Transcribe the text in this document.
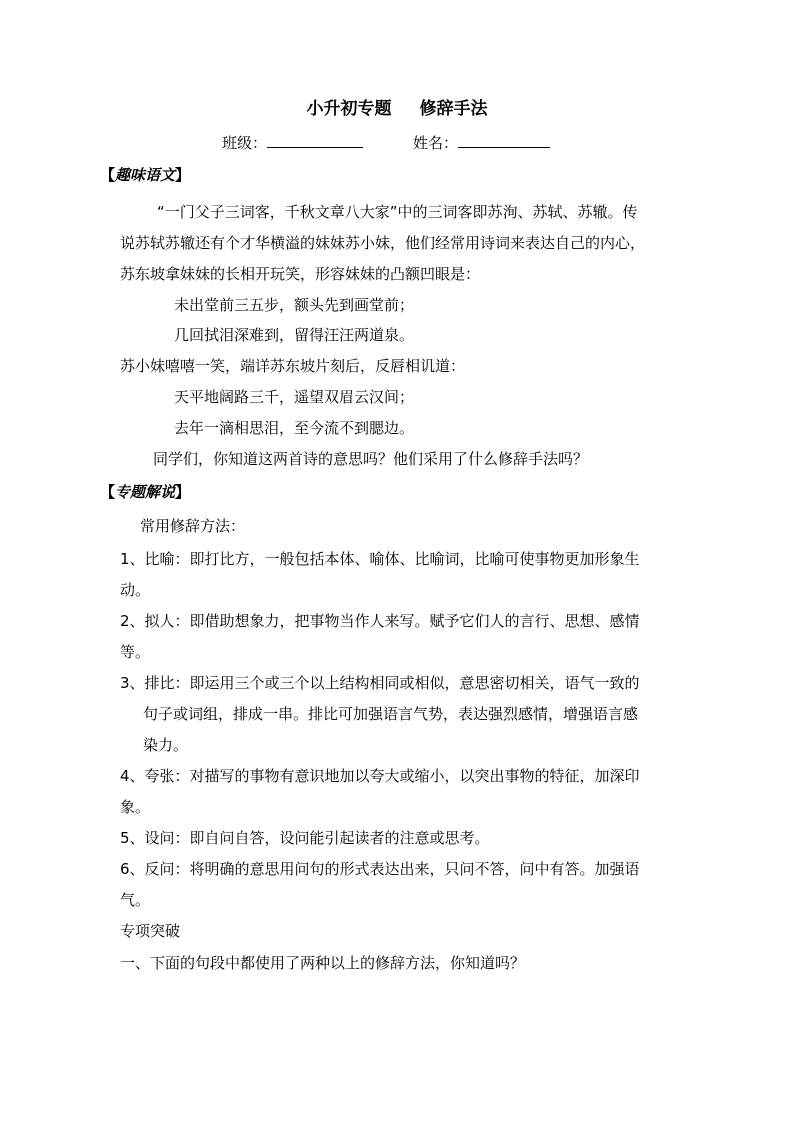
小升初专题 修辞手法
班级：	姓名：
【趣味语文】
“一门父子三词客，千秋文章八大家”中的三词客即苏洵、苏轼、苏辙。传
说苏轼苏辙还有个才华横溢的妹妹苏小妹，他们经常用诗词来表达自己的内心，
苏东坡拿妹妹的长相开玩笑，形容妹妹的凸额凹眼是：
未出堂前三五步，额头先到画堂前；
几回拭泪深难到，留得汪汪两道泉。
苏小妹嘻嘻一笑，端详苏东坡片刻后，反唇相讥道：
天平地阔路三千，遥望双眉云汉间；
去年一滴相思泪，至今流不到腮边。
同学们，你知道这两首诗的意思吗？他们采用了什么修辞手法吗？
【专题解说】
常用修辞方法：
1、比喻：即打比方，一般包括本体、喻体、比喻词，比喻可使事物更加形象生
动。
2、拟人：即借助想象力，把事物当作人来写。赋予它们人的言行、思想、感情
等。
3、排比：即运用三个或三个以上结构相同或相似，意思密切相关，语气一致的
句子或词组，排成一串。排比可加强语言气势，表达强烈感情，增强语言感
染力。
4、夸张：对描写的事物有意识地加以夸大或缩小，以突出事物的特征，加深印
象。
5、设问：即自问自答，设问能引起读者的注意或思考。
6、反问：将明确的意思用问句的形式表达出来，只问不答，问中有答。加强语
气。
专项突破
一、下面的句段中都使用了两种以上的修辞方法，你知道吗？
